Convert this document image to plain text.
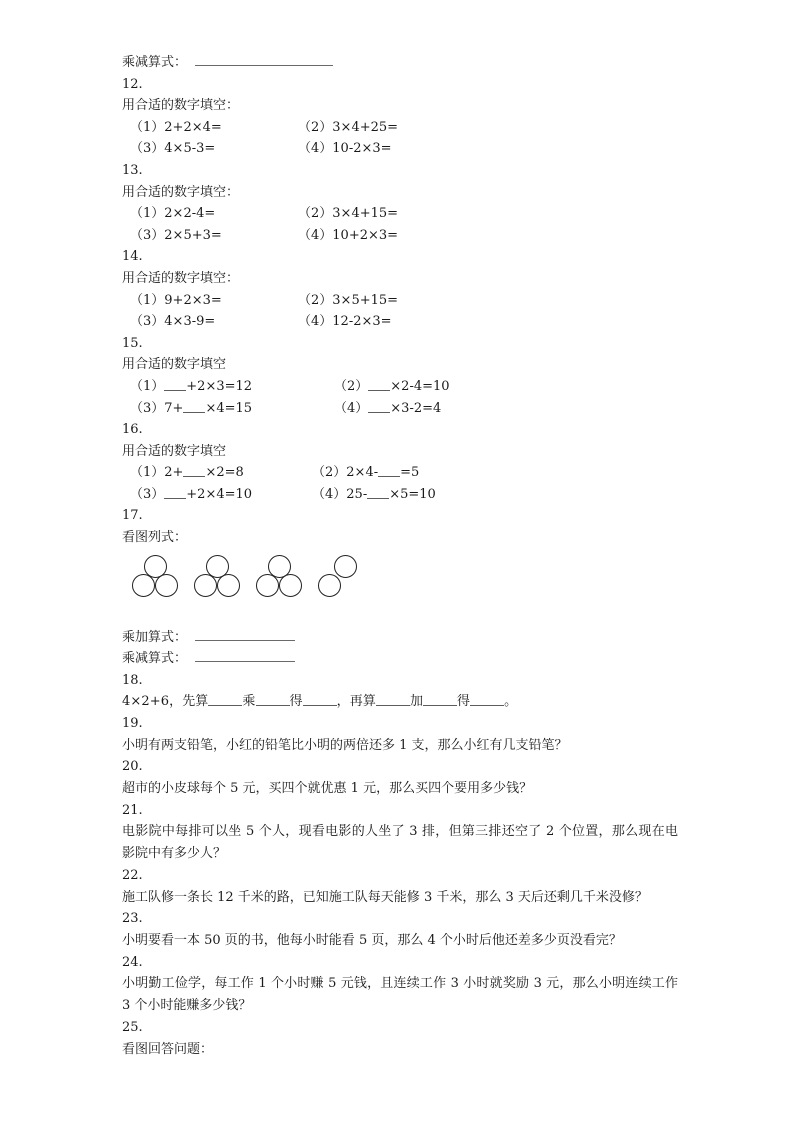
乘减算式：
12.
用合适的数字填空：
（1）2+2×4=	（2）3×4+25=
（3）4×5-3=	（4）10-2×3=
13.
用合适的数字填空：
（1）2×2-4=	（2）3×4+15=
（3）2×5+3=	（4）10+2×3=
14.
用合适的数字填空：
（1）9+2×3=	（2）3×5+15=
（3）4×3-9=	（4）12-2×3=
15.
用合适的数字填空
（1） +2×3=12	（2） ×2-4=10
（3）7+ ×4=15	（4） ×3-2=4
16.
用合适的数字填空
（1）2+ ×2=8	（2）2×4- =5
（3） +2×4=10	（4）25- ×5=10
17.
看图列式：
乘加算式：
乘减算式：
18.
4×2+6，先算	乘	得	，再算	加	得	。
19.
小明有两支铅笔，小红的铅笔比小明的两倍还多 1 支，那么小红有几支铅笔？
20.
超市的小皮球每个 5 元，买四个就优惠 1 元，那么买四个要用多少钱？
21.
电影院中每排可以坐 5 个人，现看电影的人坐了 3 排，但第三排还空了 2 个位置，那么现在电影院中有多少人？
22.
施工队修一条长 12 千米的路，已知施工队每天能修 3 千米，那么 3 天后还剩几千米没修？
23.
小明要看一本 50 页的书，他每小时能看 5 页，那么 4 个小时后他还差多少页没看完？
24.
小明勤工俭学，每工作 1 个小时赚 5 元钱，且连续工作 3 小时就奖励 3 元，那么小明连续工作 3 个小时能赚多少钱？
25.
看图回答问题：
